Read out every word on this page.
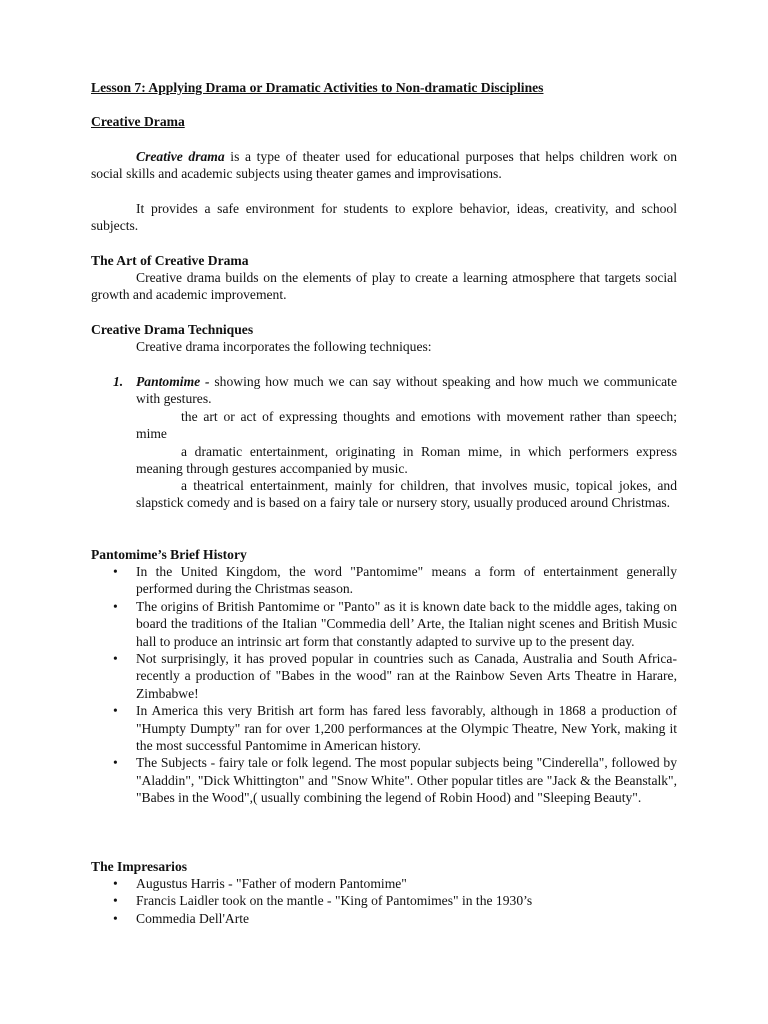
Lesson 7: Applying Drama or Dramatic Activities to Non-dramatic Disciplines

Creative Drama

Creative drama is a type of theater used for educational purposes that helps children work on social skills and academic subjects using theater games and improvisations.

It provides a safe environment for students to explore behavior, ideas, creativity, and school subjects.

The Art of Creative Drama

Creative drama builds on the elements of play to create a learning atmosphere that targets social growth and academic improvement.

Creative Drama Techniques

Creative drama incorporates the following techniques:

1. Pantomime - showing how much we can say without speaking and how much we communicate with gestures.

the art or act of expressing thoughts and emotions with movement rather than speech; mime

a dramatic entertainment, originating in Roman mime, in which performers express meaning through gestures accompanied by music.

a theatrical entertainment, mainly for children, that involves music, topical jokes, and slapstick comedy and is based on a fairy tale or nursery story, usually produced around Christmas.

Pantomime’s Brief History

• In the United Kingdom, the word "Pantomime" means a form of entertainment generally performed during the Christmas season.
• The origins of British Pantomime or "Panto" as it is known date back to the middle ages, taking on board the traditions of the Italian "Commedia dell’ Arte, the Italian night scenes and British Music hall to produce an intrinsic art form that constantly adapted to survive up to the present day.
• Not surprisingly, it has proved popular in countries such as Canada, Australia and South Africa- recently a production of "Babes in the wood" ran at the Rainbow Seven Arts Theatre in Harare, Zimbabwe!
• In America this very British art form has fared less favorably, although in 1868 a production of "Humpty Dumpty" ran for over 1,200 performances at the Olympic Theatre, New York, making it the most successful Pantomime in American history.
• The Subjects - fairy tale or folk legend. The most popular subjects being "Cinderella", followed by "Aladdin", "Dick Whittington" and "Snow White". Other popular titles are "Jack & the Beanstalk", "Babes in the Wood",( usually combining the legend of Robin Hood) and "Sleeping Beauty".

The Impresarios

• Augustus Harris - "Father of modern Pantomime"
• Francis Laidler took on the mantle - "King of Pantomimes" in the 1930’s
• Commedia Dell'Arte
